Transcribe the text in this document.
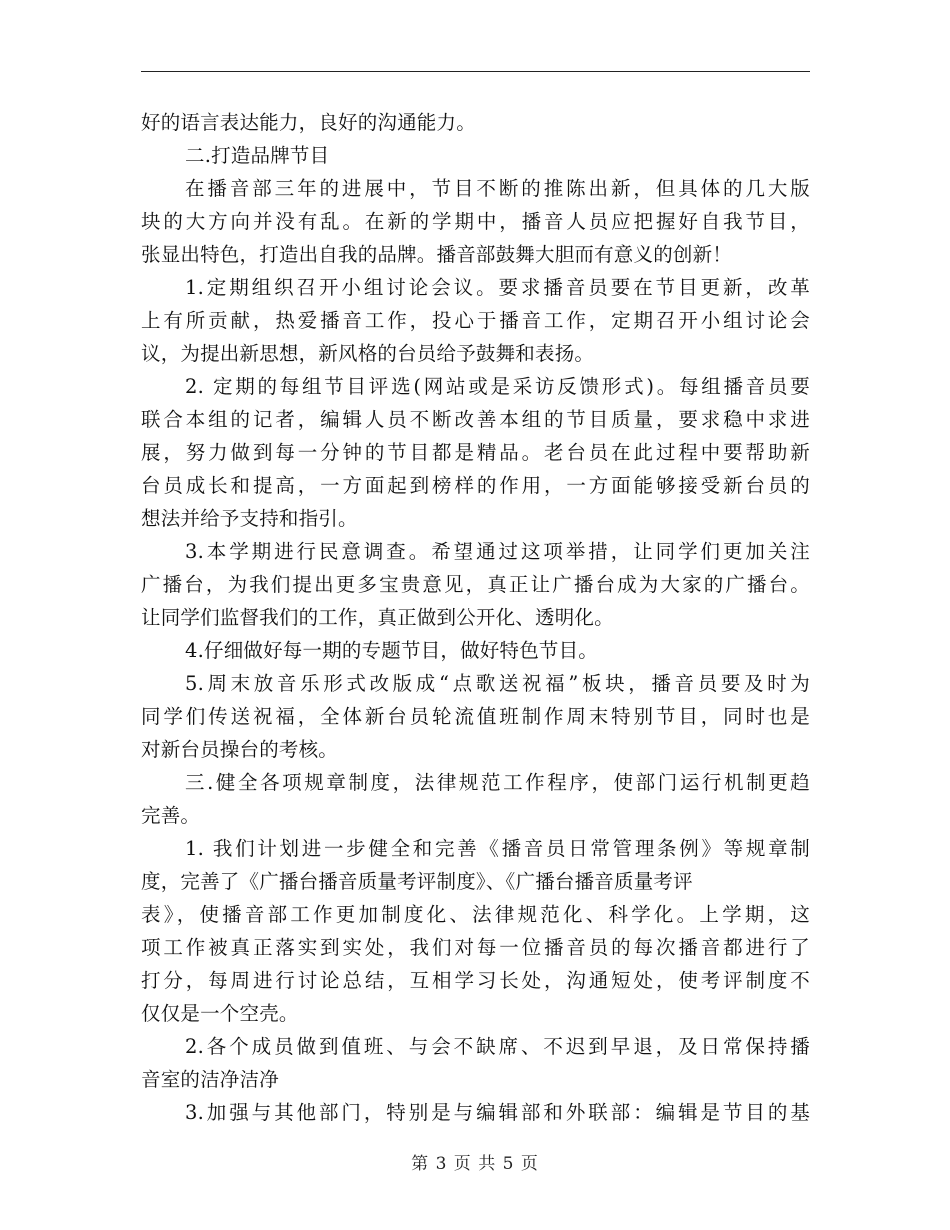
好的语言表达能力，良好的沟通能力。
二.打造品牌节目
在播音部三年的进展中，节目不断的推陈出新，但具体的几大版
块的大方向并没有乱。在新的学期中，播音人员应把握好自我节目，
张显出特色，打造出自我的品牌。播音部鼓舞大胆而有意义的创新！
1.定期组织召开小组讨论会议。要求播音员要在节目更新，改革
上有所贡献，热爱播音工作，投心于播音工作，定期召开小组讨论会
议，为提出新思想，新风格的台员给予鼓舞和表扬。
2. 定期的每组节目评选(网站或是采访反馈形式)。每组播音员要
联合本组的记者，编辑人员不断改善本组的节目质量，要求稳中求进
展，努力做到每一分钟的节目都是精品。老台员在此过程中要帮助新
台员成长和提高，一方面起到榜样的作用，一方面能够接受新台员的
想法并给予支持和指引。
3.本学期进行民意调查。希望通过这项举措，让同学们更加关注
广播台，为我们提出更多宝贵意见，真正让广播台成为大家的广播台。
让同学们监督我们的工作，真正做到公开化、透明化。
4.仔细做好每一期的专题节目，做好特色节目。
5.周末放音乐形式改版成“点歌送祝福”板块，播音员要及时为
同学们传送祝福，全体新台员轮流值班制作周末特别节目，同时也是
对新台员操台的考核。
三.健全各项规章制度，法律规范工作程序，使部门运行机制更趋
完善。
1. 我们计划进一步健全和完善《播音员日常管理条例》等规章制
度，完善了《广播台播音质量考评制度》、《广播台播音质量考评
表》，使播音部工作更加制度化、法律规范化、科学化。上学期，这
项工作被真正落实到实处，我们对每一位播音员的每次播音都进行了
打分，每周进行讨论总结，互相学习长处，沟通短处，使考评制度不
仅仅是一个空壳。
2.各个成员做到值班、与会不缺席、不迟到早退，及日常保持播
音室的洁净洁净
3.加强与其他部门，特别是与编辑部和外联部：编辑是节目的基
第 3 页 共 5 页
